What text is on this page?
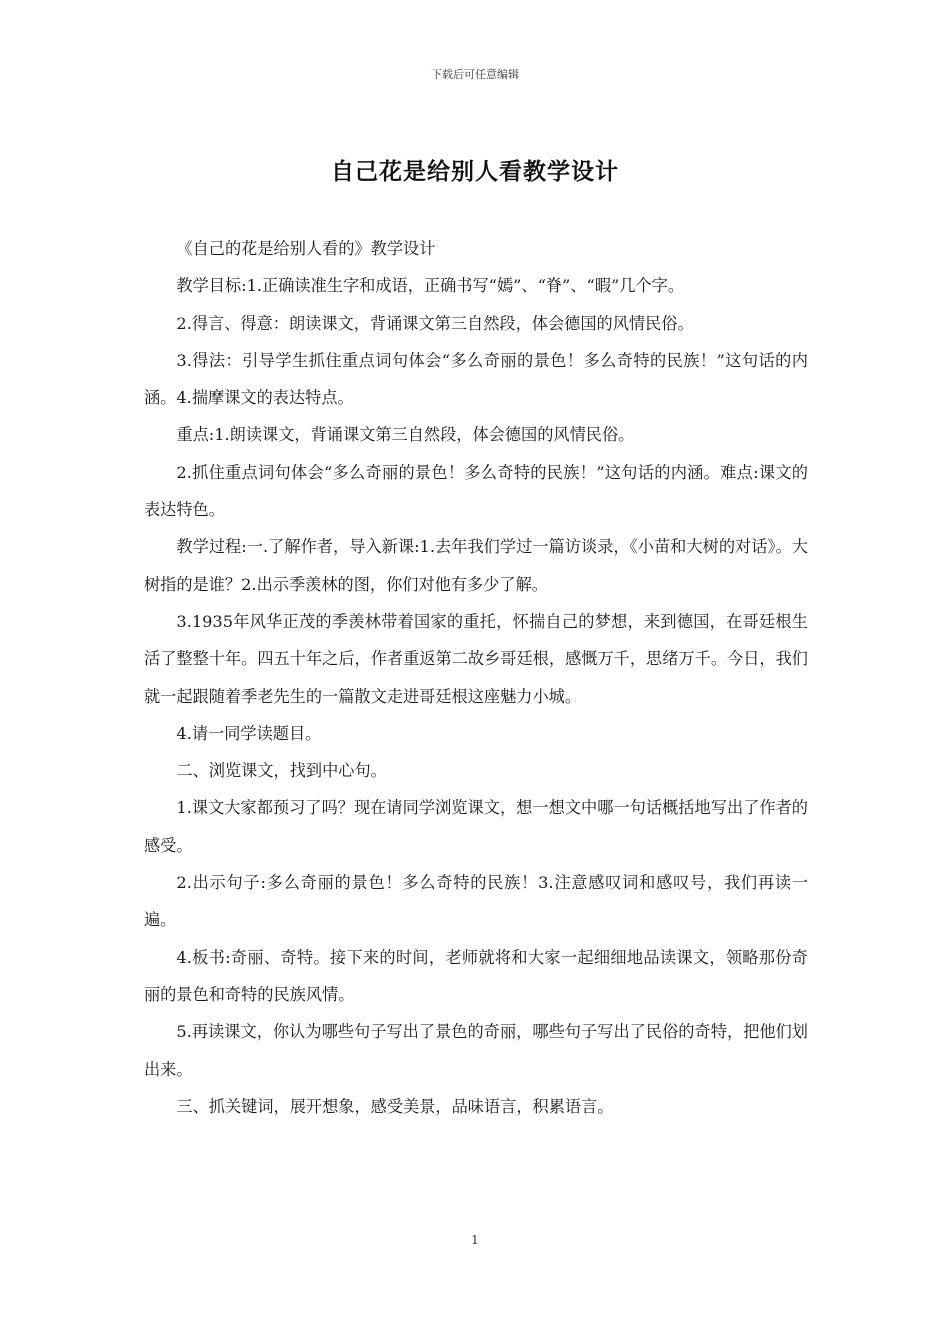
下载后可任意编辑
自己花是给别人看教学设计

《自己的花是给别人看的》教学设计

教学目标:1.正确读准生字和成语，正确书写“嫣”、“脊”、“暇”几个字。

2.得言、得意：朗读课文，背诵课文第三自然段，体会德国的风情民俗。

3.得法：引导学生抓住重点词句体会“多么奇丽的景色！多么奇特的民族！”这句话的内涵。4.揣摩课文的表达特点。

重点:1.朗读课文，背诵课文第三自然段，体会德国的风情民俗。

2.抓住重点词句体会“多么奇丽的景色！多么奇特的民族！”这句话的内涵。难点:课文的表达特色。

教学过程:一.了解作者，导入新课:1.去年我们学过一篇访谈录，《小苗和大树的对话》。大树指的是谁？2.出示季羡林的图，你们对他有多少了解。

3.1935年风华正茂的季羡林带着国家的重托，怀揣自己的梦想，来到德国，在哥廷根生活了整整十年。四五十年之后，作者重返第二故乡哥廷根，感慨万千，思绪万千。今日，我们就一起跟随着季老先生的一篇散文走进哥廷根这座魅力小城。

4.请一同学读题目。

二、浏览课文，找到中心句。

1.课文大家都预习了吗？现在请同学浏览课文，想一想文中哪一句话概括地写出了作者的感受。

2.出示句子:多么奇丽的景色！多么奇特的民族！3.注意感叹词和感叹号，我们再读一遍。

4.板书:奇丽、奇特。接下来的时间，老师就将和大家一起细细地品读课文，领略那份奇丽的景色和奇特的民族风情。

5.再读课文，你认为哪些句子写出了景色的奇丽，哪些句子写出了民俗的奇特，把他们划出来。

三、抓关键词，展开想象，感受美景，品味语言，积累语言。

1
